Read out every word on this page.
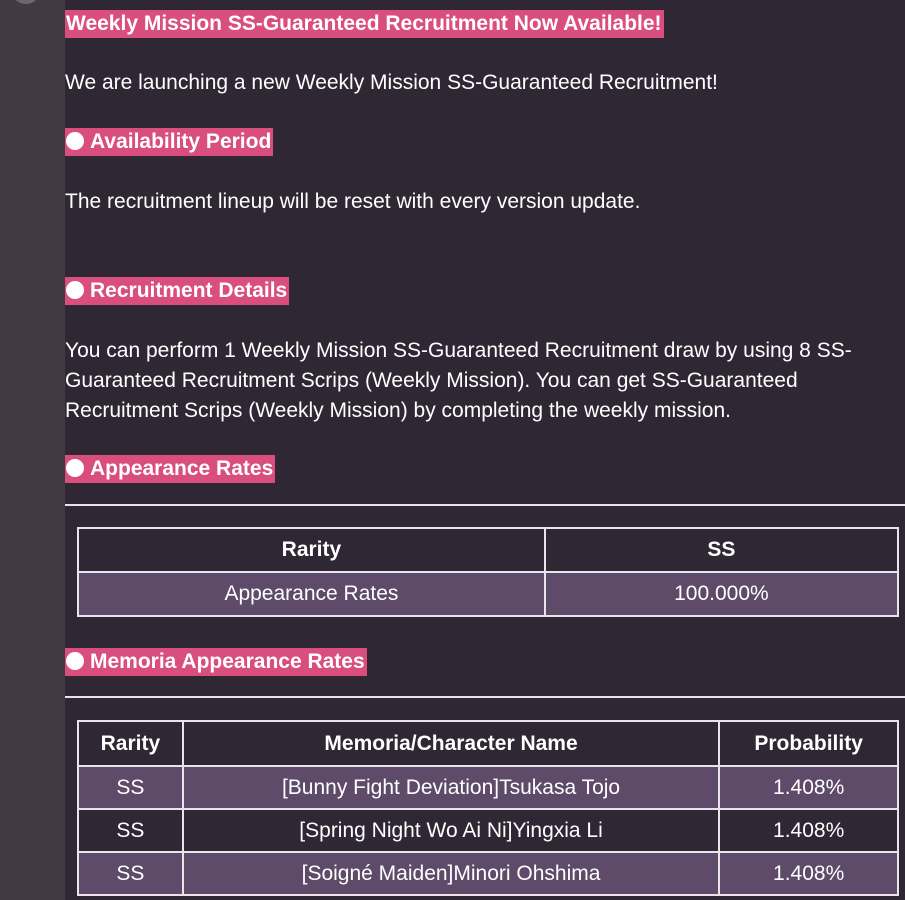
Weekly Mission SS-Guaranteed Recruitment Now Available!
We are launching a new Weekly Mission SS-Guaranteed Recruitment!
Availability Period
The recruitment lineup will be reset with every version update.
Recruitment Details
You can perform 1 Weekly Mission SS-Guaranteed Recruitment draw by using 8 SS-Guaranteed Recruitment Scrips (Weekly Mission). You can get SS-Guaranteed Recruitment Scrips (Weekly Mission) by completing the weekly mission.
Appearance Rates
Rarity	SS
Appearance Rates	100.000%
Memoria Appearance Rates
Rarity	Memoria/Character Name	Probability
SS	[Bunny Fight Deviation]Tsukasa Tojo	1.408%
SS	[Spring Night Wo Ai Ni]Yingxia Li	1.408%
SS	[Soigné Maiden]Minori Ohshima	1.408%
